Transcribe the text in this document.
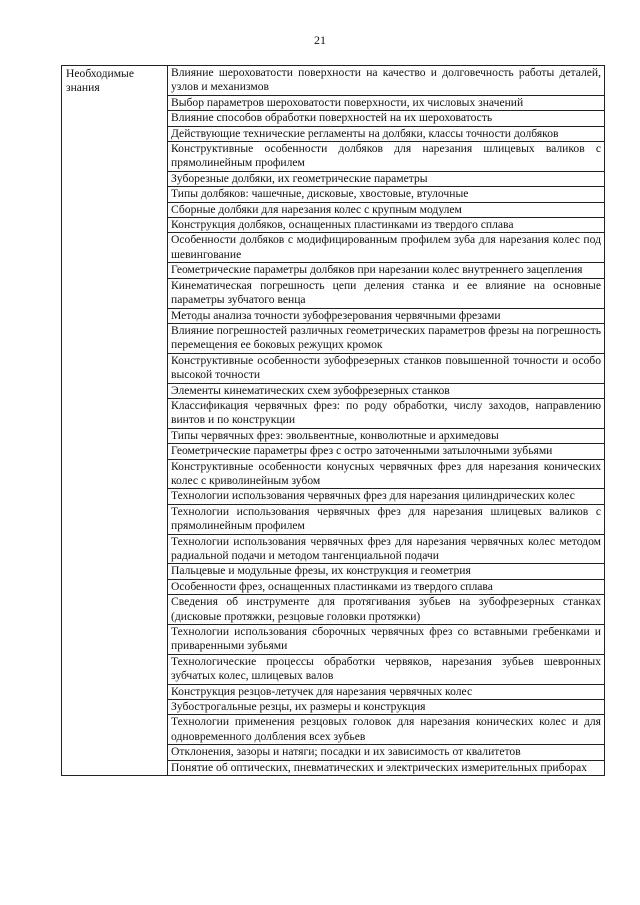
21
Необходимые знания	Влияние шероховатости поверхности на качество и долговечность работы деталей, узлов и механизмов
Выбор параметров шероховатости поверхности, их числовых значений
Влияние способов обработки поверхностей на их шероховатость
Действующие технические регламенты на долбяки, классы точности долбяков
Конструктивные особенности долбяков для нарезания шлицевых валиков с прямолинейным профилем
Зуборезные долбяки, их геометрические параметры
Типы долбяков: чашечные, дисковые, хвостовые, втулочные
Сборные долбяки для нарезания колес с крупным модулем
Конструкция долбяков, оснащенных пластинками из твердого сплава
Особенности долбяков с модифицированным профилем зуба для нарезания колес под шевингование
Геометрические параметры долбяков при нарезании колес внутреннего зацепления
Кинематическая погрешность цепи деления станка и ее влияние на основные параметры зубчатого венца
Методы анализа точности зубофрезерования червячными фрезами
Влияние погрешностей различных геометрических параметров фрезы на погрешность перемещения ее боковых режущих кромок
Конструктивные особенности зубофрезерных станков повышенной точности и особо высокой точности
Элементы кинематических схем зубофрезерных станков
Классификация червячных фрез: по роду обработки, числу заходов, направлению винтов и по конструкции
Типы червячных фрез: эвольвентные, конволютные и архимедовы
Геометрические параметры фрез с остро заточенными затылочными зубьями
Конструктивные особенности конусных червячных фрез для нарезания конических колес с криволинейным зубом
Технологии использования червячных фрез для нарезания цилиндрических колес
Технологии использования червячных фрез для нарезания шлицевых валиков с прямолинейным профилем
Технологии использования червячных фрез для нарезания червячных колес методом радиальной подачи и методом тангенциальной подачи
Пальцевые и модульные фрезы, их конструкция и геометрия
Особенности фрез, оснащенных пластинками из твердого сплава
Сведения об инструменте для протягивания зубьев на зубофрезерных станках (дисковые протяжки, резцовые головки протяжки)
Технологии использования сборочных червячных фрез со вставными гребенками и приваренными зубьями
Технологические процессы обработки червяков, нарезания зубьев шевронных зубчатых колес, шлицевых валов
Конструкция резцов-летучек для нарезания червячных колес
Зубострогальные резцы, их размеры и конструкция
Технологии применения резцовых головок для нарезания конических колес и для одновременного долбления всех зубьев
Отклонения, зазоры и натяги; посадки и их зависимость от квалитетов
Понятие об оптических, пневматических и электрических измерительных приборах
